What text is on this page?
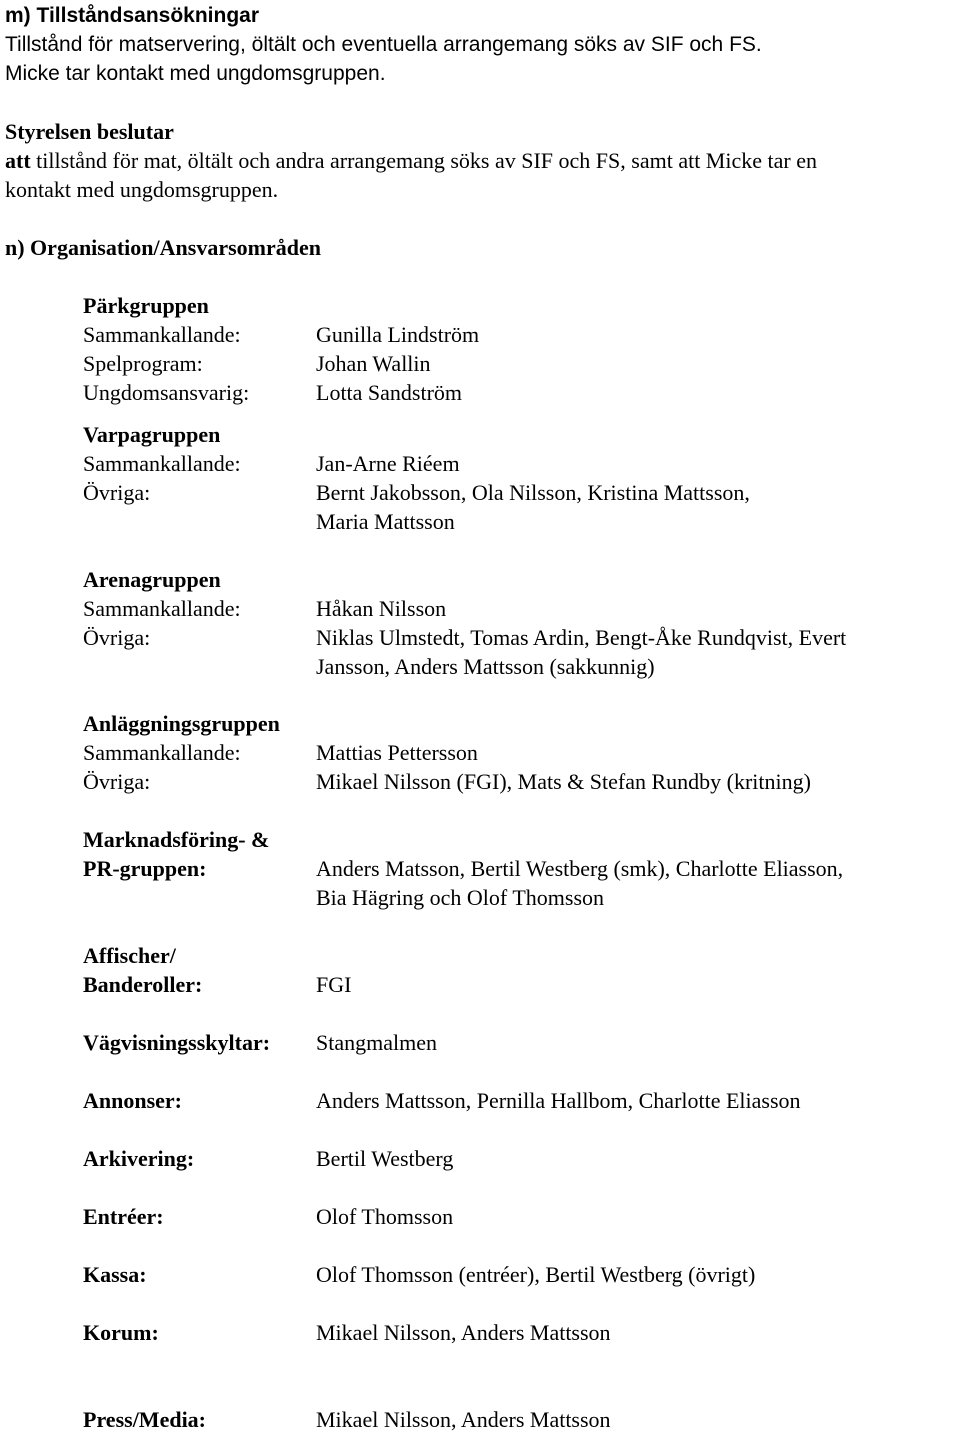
m) Tillståndsansökningar
Tillstånd för matservering, öltält och eventuella arrangemang söks av SIF och FS.
Micke tar kontakt med ungdomsgruppen.
Styrelsen beslutar
att tillstånd för mat, öltält och andra arrangemang söks av SIF och FS, samt att Micke tar en
kontakt med ungdomsgruppen.
n) Organisation/Ansvarsområden
Pärkgruppen
Sammankallande:	Gunilla Lindström
Spelprogram:	Johan Wallin
Ungdomsansvarig:	Lotta Sandström
Varpagruppen
Sammankallande:	Jan-Arne Riéem
Övriga:	Bernt Jakobsson, Ola Nilsson, Kristina Mattsson,
Maria Mattsson
Arenagruppen
Sammankallande:	Håkan Nilsson
Övriga:	Niklas Ulmstedt, Tomas Ardin, Bengt-Åke Rundqvist, Evert
Jansson, Anders Mattsson (sakkunnig)
Anläggningsgruppen
Sammankallande:	Mattias Pettersson
Övriga:	Mikael Nilsson (FGI), Mats & Stefan Rundby (kritning)
Marknadsföring- &
PR-gruppen:	Anders Matsson, Bertil Westberg (smk), Charlotte Eliasson,
Bia Hägring och Olof Thomsson
Affischer/
Banderoller:	FGI
Vägvisningsskyltar: Stangmalmen
Annonser:	Anders Mattsson, Pernilla Hallbom, Charlotte Eliasson
Arkivering:	Bertil Westberg
Entréer:	Olof Thomsson
Kassa:	Olof Thomsson (entréer), Bertil Westberg (övrigt)
Korum:	Mikael Nilsson, Anders Mattsson
Press/Media:	Mikael Nilsson, Anders Mattsson
